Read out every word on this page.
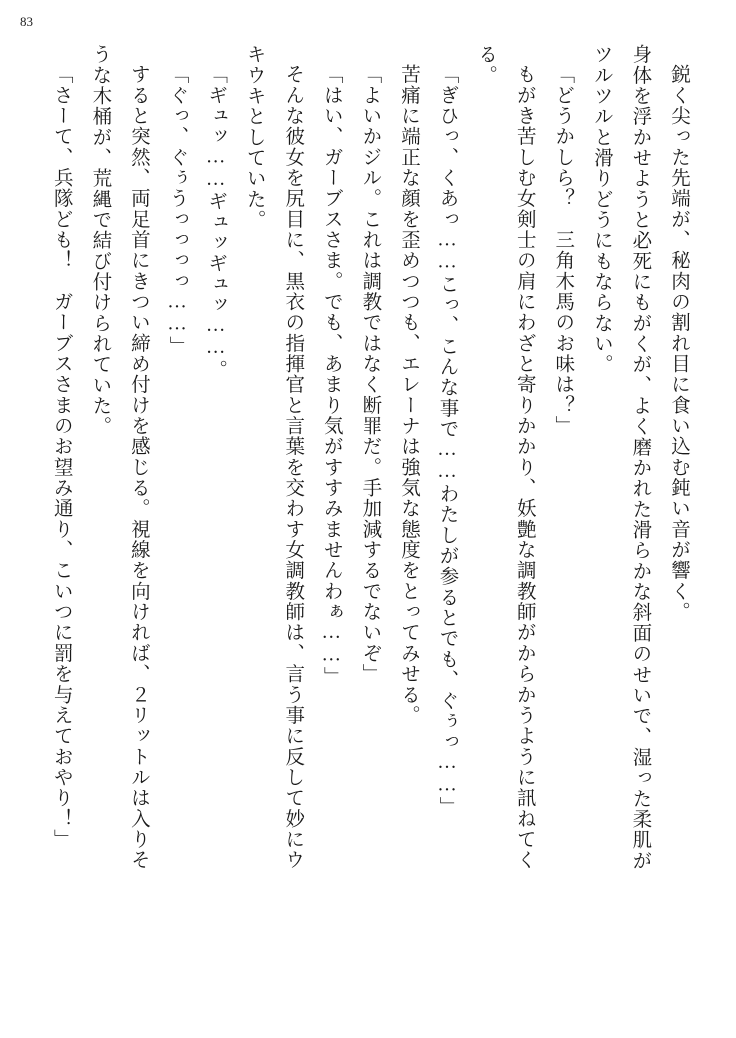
83

鋭く尖った先端が、秘肉の割れ目に食い込む鈍い音が響く。

身体を浮かせようと必死にもがくが、よく磨かれた滑らかな斜面のせいで、湿った柔肌が

ツルツルと滑りどうにもならない。

「どうかしら？　三角木馬のお味は？」

もがき苦しむ女剣士の肩にわざと寄りかかり、妖艶な調教師がからかうように訊ねてく

る。

「ぎひっ、くあっ……こっ、こんな事で……わたしが参るとでも、ぐぅっ……」

苦痛に端正な顔を歪めつつも、エレーナは強気な態度をとってみせる。

「よいかジル。これは調教ではなく断罪だ。手加減するでないぞ」

「はい、ガーブスさま。でも、あまり気がすすみませんわぁ……」

そんな彼女を尻目に、黒衣の指揮官と言葉を交わす女調教師は、言う事に反して妙にウ

キウキとしていた。

「ギュッ……ギュッギュッ……。

「ぐっ、ぐぅうっっっっ……」

すると突然、両足首にきつい締め付けを感じる。視線を向ければ、２リットルは入りそ

うな木桶が、荒縄で結び付けられていた。

「さーて、兵隊ども！　ガーブスさまのお望み通り、こいつに罰を与えておやり！」
